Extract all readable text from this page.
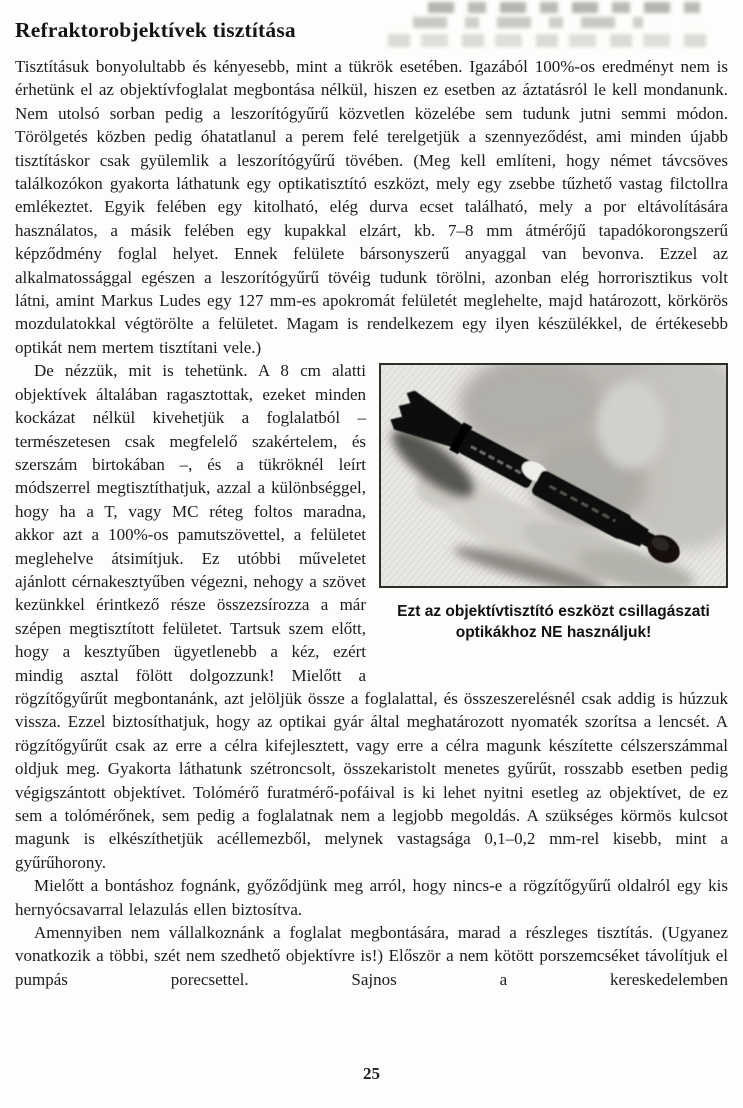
Refraktorobjektívek tisztítása

Tisztításuk bonyolultabb és kényesebb, mint a tükrök esetében. Igazából 100%-os eredményt nem is érhetünk el az objektívfoglalat megbontása nélkül, hiszen ez esetben az áztatásról le kell mondanunk. Nem utolsó sorban pedig a leszorítógyűrű közvetlen közelébe sem tudunk jutni semmi módon. Törölgetés közben pedig óhatatlanul a perem felé terelgetjük a szennyeződést, ami minden újabb tisztításkor csak gyülemlik a leszorítógyűrű tövében. (Meg kell említeni, hogy német távcsöves találkozókon gyakorta láthatunk egy optikatisztító eszközt, mely egy zsebbe tűzhető vastag filctollra emlékeztet. Egyik felében egy kitolható, elég durva ecset található, mely a por eltávolítására használatos, a másik felében egy kupakkal elzárt, kb. 7–8 mm átmérőjű tapadókorongszerű képződmény foglal helyet. Ennek felülete bársonyszerű anyaggal van bevonva. Ezzel az alkalmatossággal egészen a leszorítógyűrű tövéig tudunk törölni, azonban elég horrorisztikus volt látni, amint Markus Ludes egy 127 mm-es apokromát felületét meglehelte, majd határozott, körkörös mozdulatokkal végtörölte a felületet. Magam is rendelkezem egy ilyen készülékkel, de értékesebb optikát nem mertem tisztítani vele.)

Ezt az objektívtisztító eszközt csillagászati optikákhoz NE használjuk!

De nézzük, mit is tehetünk. A 8 cm alatti objektívek általában ragasztottak, ezeket minden kockázat nélkül kivehetjük a foglalatból – természetesen csak megfelelő szakértelem, és szerszám birtokában –, és a tükröknél leírt módszerrel megtisztíthatjuk, azzal a különbséggel, hogy ha a T, vagy MC réteg foltos maradna, akkor azt a 100%-os pamutszövettel, a felületet meglehelve átsimítjuk. Ez utóbbi műveletet ajánlott cérnakesztyűben végezni, nehogy a szövet kezünkkel érintkező része összezsírozza a már szépen megtisztított felületet. Tartsuk szem előtt, hogy a kesztyűben ügyetlenebb a kéz, ezért mindig asztal fölött dolgozzunk! Mielőtt a rögzítőgyűrűt megbontanánk, azt jelöljük össze a foglalattal, és összeszerelésnél csak addig is húzzuk vissza. Ezzel biztosíthatjuk, hogy az optikai gyár által meghatározott nyomaték szorítsa a lencsét. A rögzítőgyűrűt csak az erre a célra kifejlesztett, vagy erre a célra magunk készítette célszerszámmal oldjuk meg. Gyakorta láthatunk szétroncsolt, összekaristolt menetes gyűrűt, rosszabb esetben pedig végigszántott objektívet. Tolómérő furatmérő-pofáival is ki lehet nyitni esetleg az objektívet, de ez sem a tolómérőnek, sem pedig a foglalatnak nem a legjobb megoldás. A szükséges körmös kulcsot magunk is elkészíthetjük acéllemezből, melynek vastagsága 0,1–0,2 mm-rel kisebb, mint a gyűrűhorony.

Mielőtt a bontáshoz fognánk, győződjünk meg arról, hogy nincs-e a rögzítőgyűrű oldalról egy kis hernyócsavarral lelazulás ellen biztosítva.

Amennyiben nem vállalkoznánk a foglalat megbontására, marad a részleges tisztítás. (Ugyanez vonatkozik a többi, szét nem szedhető objektívre is!) Először a nem kötött porszemcséket távolítjuk el pumpás porecsettel. Sajnos a kereskedelemben

25
